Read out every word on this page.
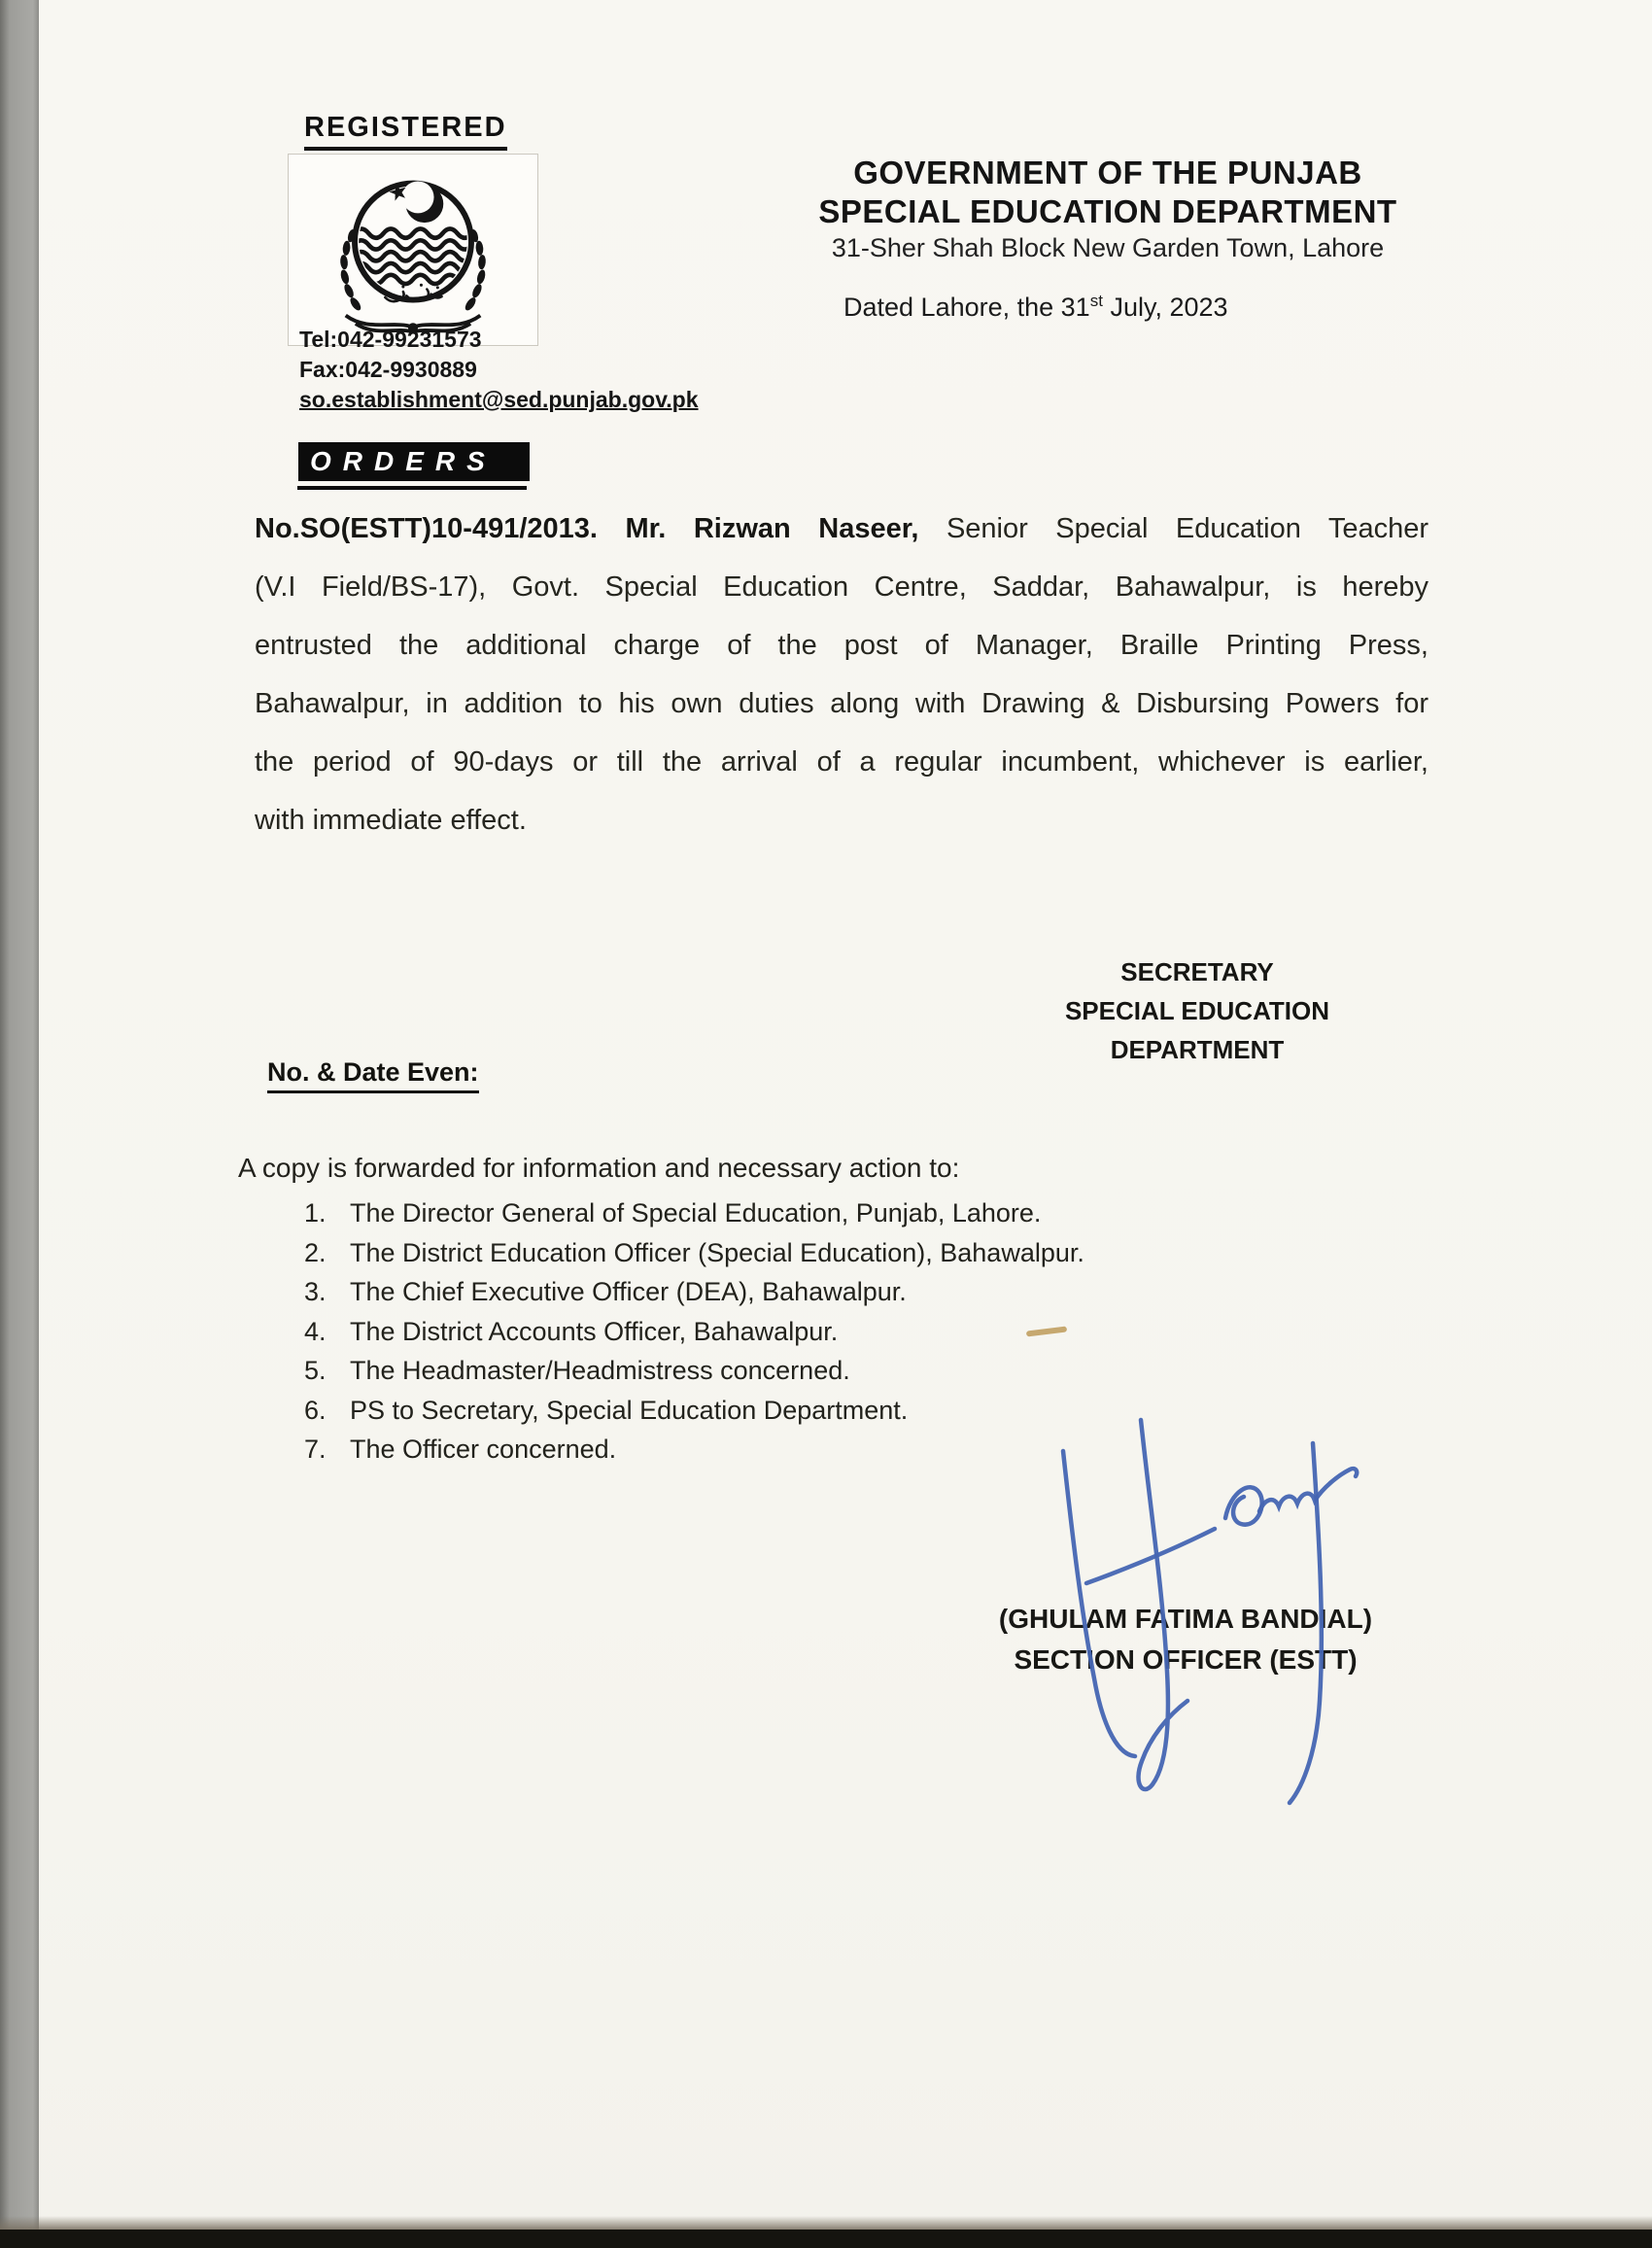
REGISTERED
Tel:042-99231573
Fax:042-9930889
so.establishment@sed.punjab.gov.pk
GOVERNMENT OF THE PUNJAB
SPECIAL EDUCATION DEPARTMENT
31-Sher Shah Block New Garden Town, Lahore
Dated Lahore, the 31st July, 2023
ORDERS
No.SO(ESTT)10-491/2013. Mr. Rizwan Naseer, Senior Special Education Teacher
(V.I Field/BS-17), Govt. Special Education Centre, Saddar, Bahawalpur, is hereby
entrusted the additional charge of the post of Manager, Braille Printing Press,
Bahawalpur, in addition to his own duties along with Drawing & Disbursing Powers for
the period of 90-days or till the arrival of a regular incumbent, whichever is earlier,
with immediate effect.
SECRETARY
SPECIAL EDUCATION
DEPARTMENT
No. & Date Even:
A copy is forwarded for information and necessary action to:
1. The Director General of Special Education, Punjab, Lahore.
2. The District Education Officer (Special Education), Bahawalpur.
3. The Chief Executive Officer (DEA), Bahawalpur.
4. The District Accounts Officer, Bahawalpur.
5. The Headmaster/Headmistress concerned.
6. PS to Secretary, Special Education Department.
7. The Officer concerned.
(GHULAM FATIMA BANDIAL)
SECTION OFFICER (ESTT)
